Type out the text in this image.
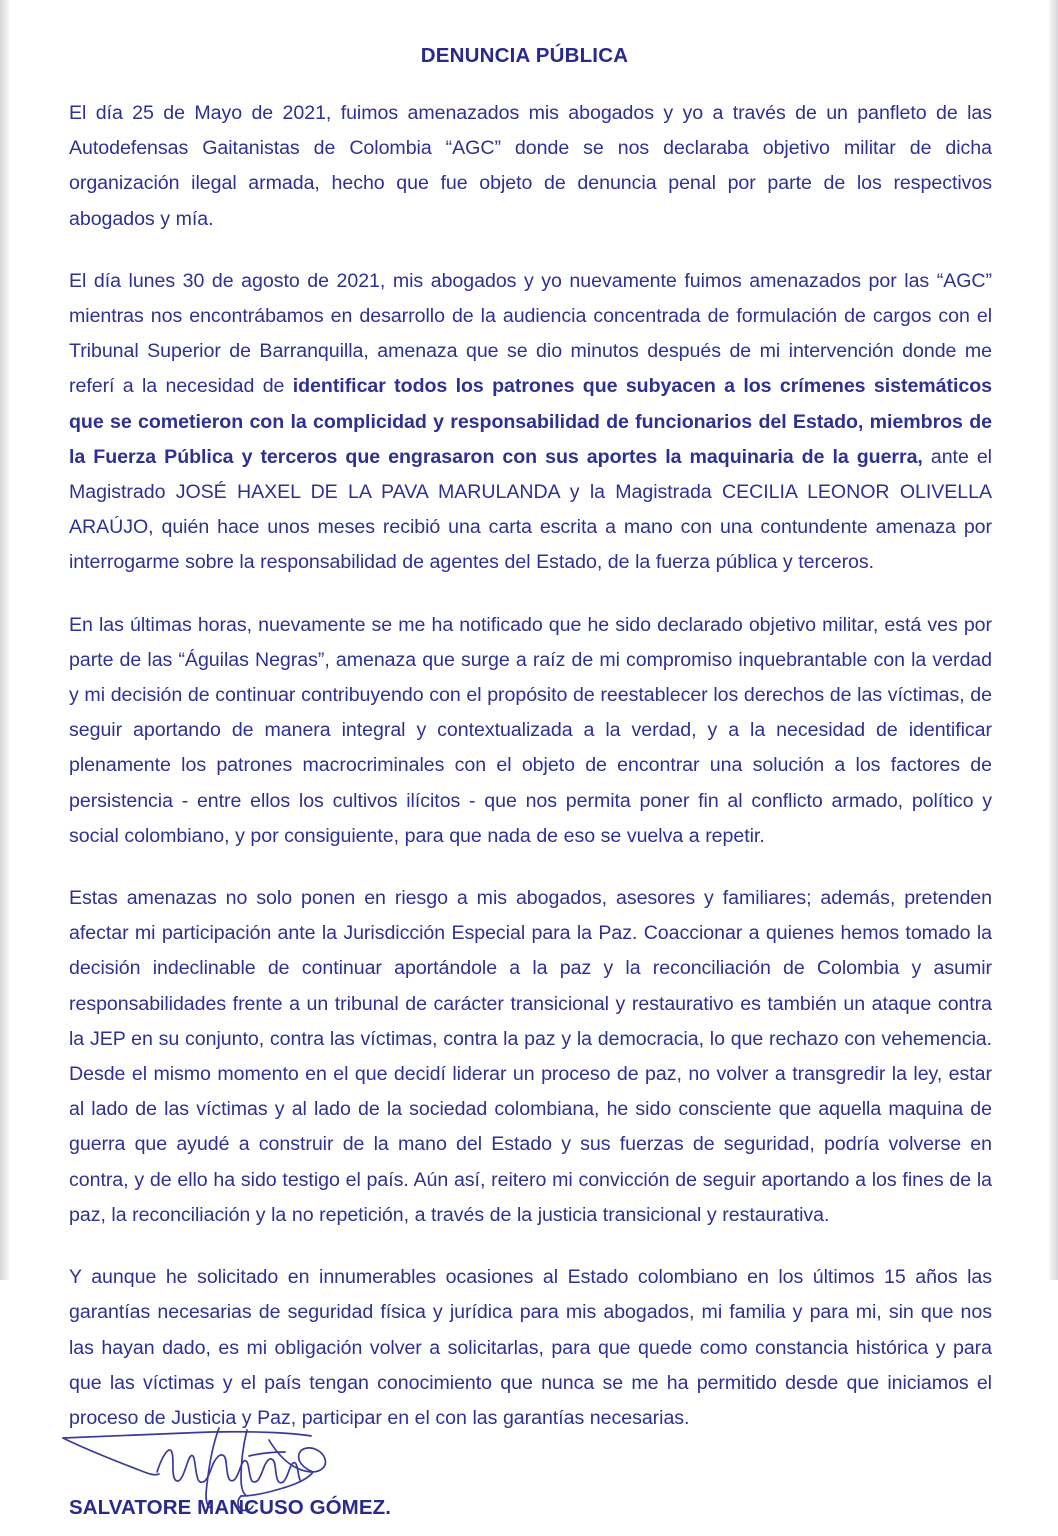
DENUNCIA PÚBLICA

El día 25 de Mayo de 2021, fuimos amenazados mis abogados y yo a través de un panfleto de las Autodefensas Gaitanistas de Colombia “AGC” donde se nos declaraba objetivo militar de dicha organización ilegal armada, hecho que fue objeto de denuncia penal por parte de los respectivos abogados y mía.

El día lunes 30 de agosto de 2021, mis abogados y yo nuevamente fuimos amenazados por las “AGC” mientras nos encontrábamos en desarrollo de la audiencia concentrada de formulación de cargos con el Tribunal Superior de Barranquilla, amenaza que se dio minutos después de mi intervención donde me referí a la necesidad de identificar todos los patrones que subyacen a los crímenes sistemáticos que se cometieron con la complicidad y responsabilidad de funcionarios del Estado, miembros de la Fuerza Pública y terceros que engrasaron con sus aportes la maquinaria de la guerra, ante el Magistrado JOSÉ HAXEL DE LA PAVA MARULANDA y la Magistrada CECILIA LEONOR OLIVELLA ARAÚJO, quién hace unos meses recibió una carta escrita a mano con una contundente amenaza por interrogarme sobre la responsabilidad de agentes del Estado, de la fuerza pública y terceros.

En las últimas horas, nuevamente se me ha notificado que he sido declarado objetivo militar, está ves por parte de las “Águilas Negras”, amenaza que surge a raíz de mi compromiso inquebrantable con la verdad y mi decisión de continuar contribuyendo con el propósito de reestablecer los derechos de las víctimas, de seguir aportando de manera integral y contextualizada a la verdad, y a la necesidad de identificar plenamente los patrones macrocriminales con el objeto de encontrar una solución a los factores de persistencia - entre ellos los cultivos ilícitos - que nos permita poner fin al conflicto armado, político y social colombiano, y por consiguiente, para que nada de eso se vuelva a repetir.

Estas amenazas no solo ponen en riesgo a mis abogados, asesores y familiares; además, pretenden afectar mi participación ante la Jurisdicción Especial para la Paz. Coaccionar a quienes hemos tomado la decisión indeclinable de continuar aportándole a la paz y la reconciliación de Colombia y asumir responsabilidades frente a un tribunal de carácter transicional y restaurativo es también un ataque contra la JEP en su conjunto, contra las víctimas, contra la paz y la democracia, lo que rechazo con vehemencia. Desde el mismo momento en el que decidí liderar un proceso de paz, no volver a transgredir la ley, estar al lado de las víctimas y al lado de la sociedad colombiana, he sido consciente que aquella maquina de guerra que ayudé a construir de la mano del Estado y sus fuerzas de seguridad, podría volverse en contra, y de ello ha sido testigo el país. Aún así, reitero mi convicción de seguir aportando a los fines de la paz, la reconciliación y la no repetición, a través de la justicia transicional y restaurativa.

Y aunque he solicitado en innumerables ocasiones al Estado colombiano en los últimos 15 años las garantías necesarias de seguridad física y jurídica para mis abogados, mi familia y para mi, sin que nos las hayan dado, es mi obligación volver a solicitarlas, para que quede como constancia histórica y para que las víctimas y el país tengan conocimiento que nunca se me ha permitido desde que iniciamos el proceso de Justicia y Paz, participar en el con las garantías necesarias.

SALVATORE MANCUSO GÓMEZ.
